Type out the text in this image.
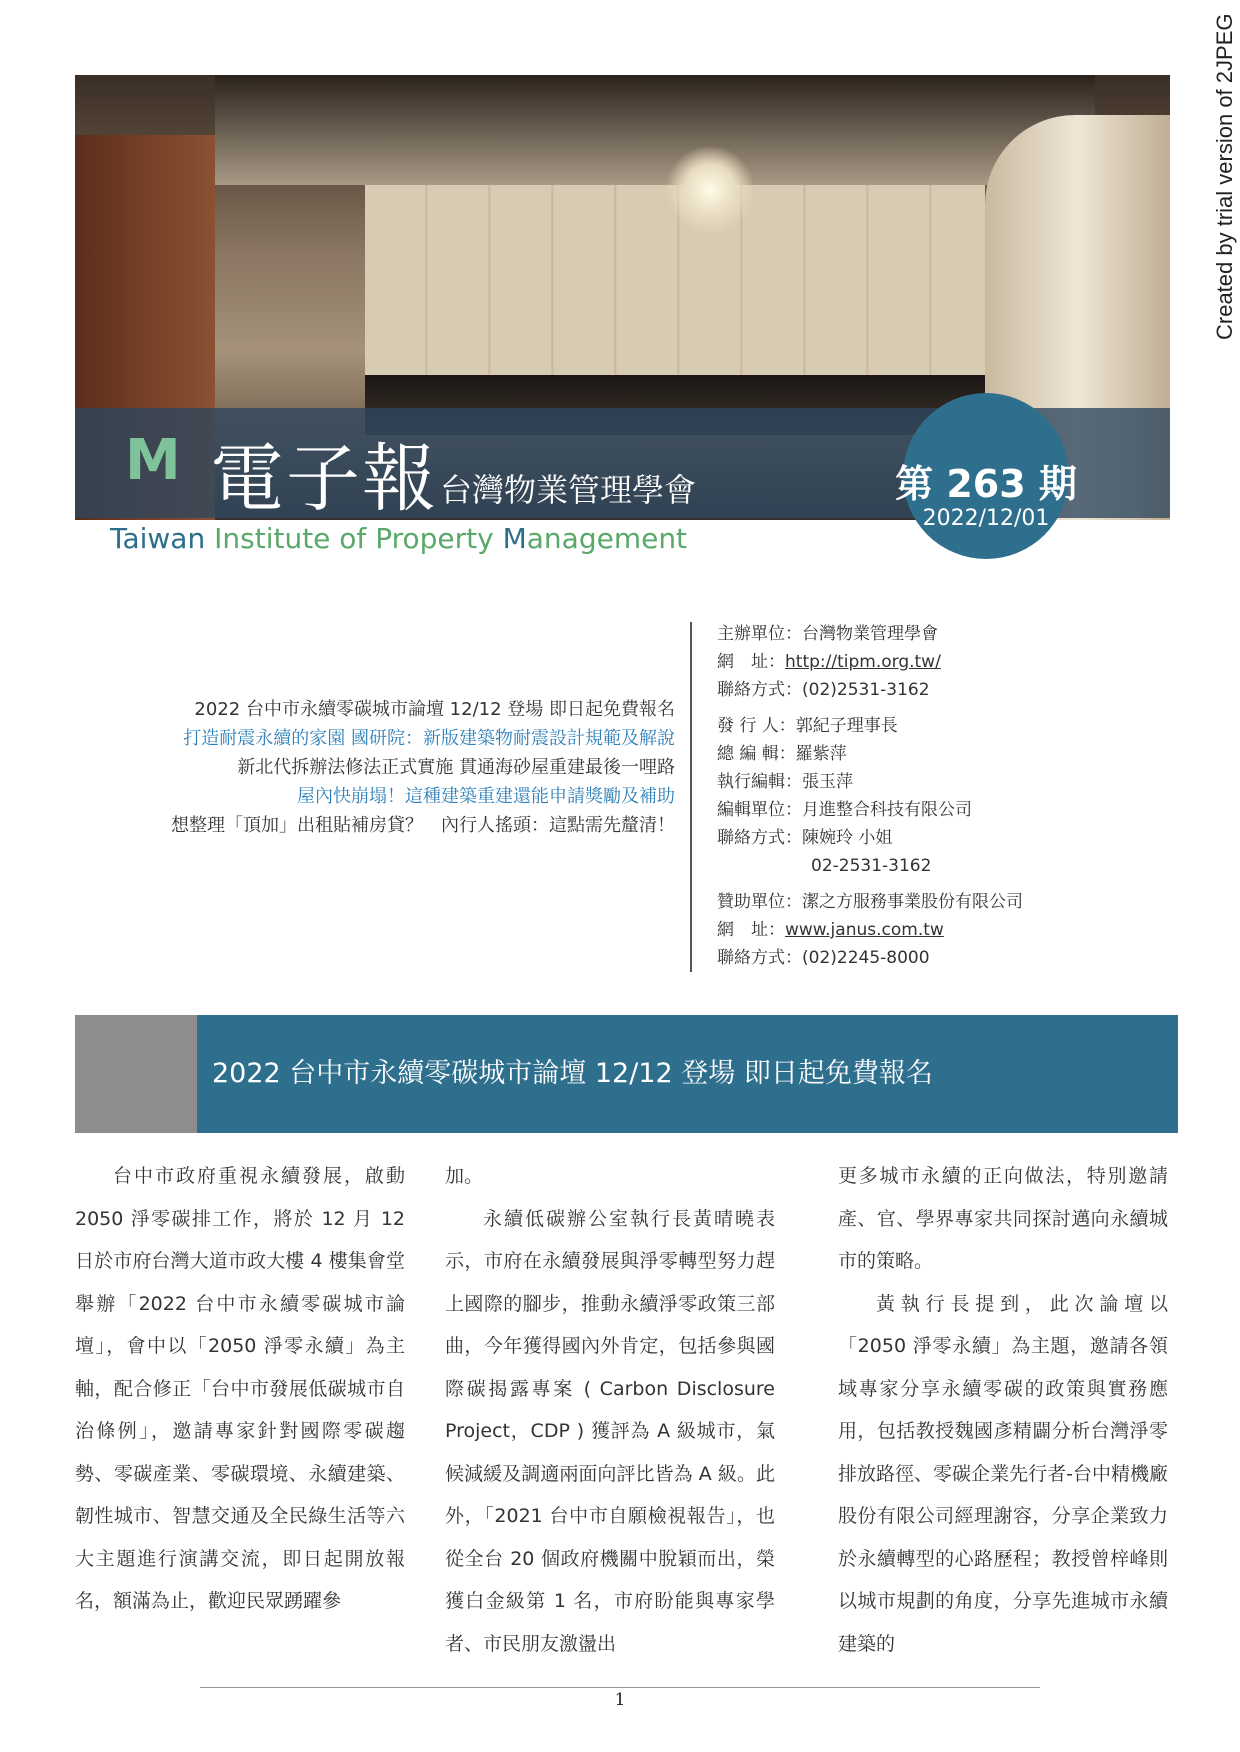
M 電子報 台灣物業管理學會
Taiwan Institute of Property Management
第 263 期
2022/12/01
2022 台中市永續零碳城市論壇 12/12 登場 即日起免費報名
打造耐震永續的家園 國研院：新版建築物耐震設計規範及解說
新北代拆辦法修法正式實施 貫通海砂屋重建最後一哩路
屋內快崩塌！這種建築重建還能申請獎勵及補助
想整理「頂加」出租貼補房貸？　內行人搖頭：這點需先釐清！
主辦單位：台灣物業管理學會
網　址：http://tipm.org.tw/
聯絡方式：(02)2531-3162
發 行 人：郭紀子理事長
總 編 輯：羅紫萍
執行編輯：張玉萍
編輯單位：月進整合科技有限公司
聯絡方式：陳婉玲 小姐
02-2531-3162
贊助單位：潔之方服務事業股份有限公司
網　址：www.janus.com.tw
聯絡方式：(02)2245-8000
2022 台中市永續零碳城市論壇 12/12 登場 即日起免費報名

台中市政府重視永續發展，啟動 2050 淨零碳排工作，將於 12 月 12 日於市府台灣大道市政大樓 4 樓集會堂舉辦「2022 台中市永續零碳城市論壇」，會中以「2050 淨零永續」為主軸，配合修正「台中市發展低碳城市自治條例」，邀請專家針對國際零碳趨勢、零碳產業、零碳環境、永續建築、韌性城市、智慧交通及全民綠生活等六大主題進行演講交流，即日起開放報名，額滿為止，歡迎民眾踴躍參

加。

永續低碳辦公室執行長黃晴曉表示，市府在永續發展與淨零轉型努力趕上國際的腳步，推動永續淨零政策三部曲，今年獲得國內外肯定，包括參與國際碳揭露專案 ( Carbon Disclosure Project，CDP ) 獲評為 A 級城市，氣候減緩及調適兩面向評比皆為 A 級。此外，「2021 台中市自願檢視報告」，也從全台 20 個政府機關中脫穎而出，榮獲白金級第 1 名，市府盼能與專家學者、市民朋友激盪出

更多城市永續的正向做法，特別邀請產、官、學界專家共同探討邁向永續城市的策略。

黃執行長提到，此次論壇以「2050 淨零永續」為主題，邀請各領域專家分享永續零碳的政策與實務應用，包括教授魏國彥精闢分析台灣淨零排放路徑、零碳企業先行者-台中精機廠股份有限公司經理謝容，分享企業致力於永續轉型的心路歷程；教授曾梓峰則以城市規劃的角度，分享先進城市永續建築的

1
Created by trial version of 2JPEG
